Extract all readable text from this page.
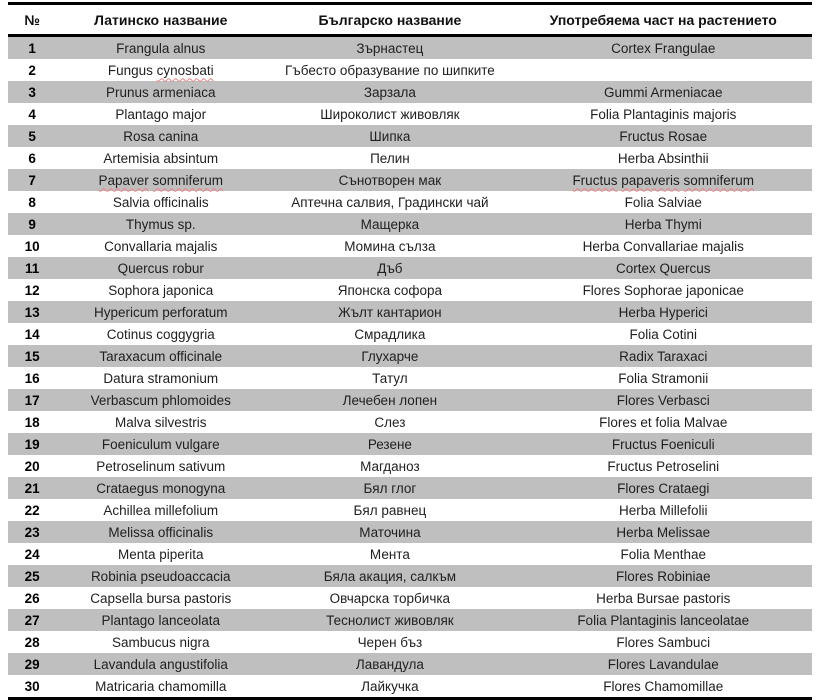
№	Латинско название	Българско название	Употребяема част на растението
1	Frangula alnus	Зърнастец	Cortex Frangulae
2	Fungus cynosbati	Гъбесто образувание по шипките	
3	Prunus armeniaca	Зарзала	Gummi Armeniacae
4	Plantago major	Широколист живовляк	Folia Plantaginis majoris
5	Rosa canina	Шипка	Fructus Rosae
6	Artemisia absintum	Пелин	Herba Absinthii
7	Papaver somniferum	Сънотворен мак	Fructus papaveris somniferum
8	Salvia officinalis	Аптечна салвия, Градински чай	Folia Salviae
9	Thymus sp.	Мащерка	Herba Thymi
10	Convallaria majalis	Момина сълза	Herba Convallariae majalis
11	Quercus robur	Дъб	Cortex Quercus
12	Sophora japonica	Японска софора	Flores Sophorae japonicae
13	Hypericum perforatum	Жълт кантарион	Herba Hyperici
14	Cotinus coggygria	Смрадлика	Folia Cotini
15	Taraxacum officinale	Глухарче	Radix Taraxaci
16	Datura stramonium	Татул	Folia Stramonii
17	Verbascum phlomoides	Лечебен лопен	Flores Verbasci
18	Malva silvestris	Слез	Flores et folia Malvae
19	Foeniculum vulgare	Резене	Fructus Foeniculi
20	Petroselinum sativum	Магданоз	Fructus Petroselini
21	Crataegus monogyna	Бял глог	Flores Crataegi
22	Achillea millefolium	Бял равнец	Herba Millefolii
23	Melissa officinalis	Маточина	Herba Melissae
24	Menta piperita	Мента	Folia Menthae
25	Robinia pseudoaccacia	Бяла акация, салкъм	Flores Robiniae
26	Capsella bursa pastoris	Овчарска торбичка	Herba Bursae pastoris
27	Plantago lanceolata	Теснолист живовляк	Folia Plantaginis lanceolatae
28	Sambucus nigra	Черен бъз	Flores Sambuci
29	Lavandula angustifolia	Лавандула	Flores Lavandulae
30	Matricaria chamomilla	Лайкучка	Flores Chamomillae
